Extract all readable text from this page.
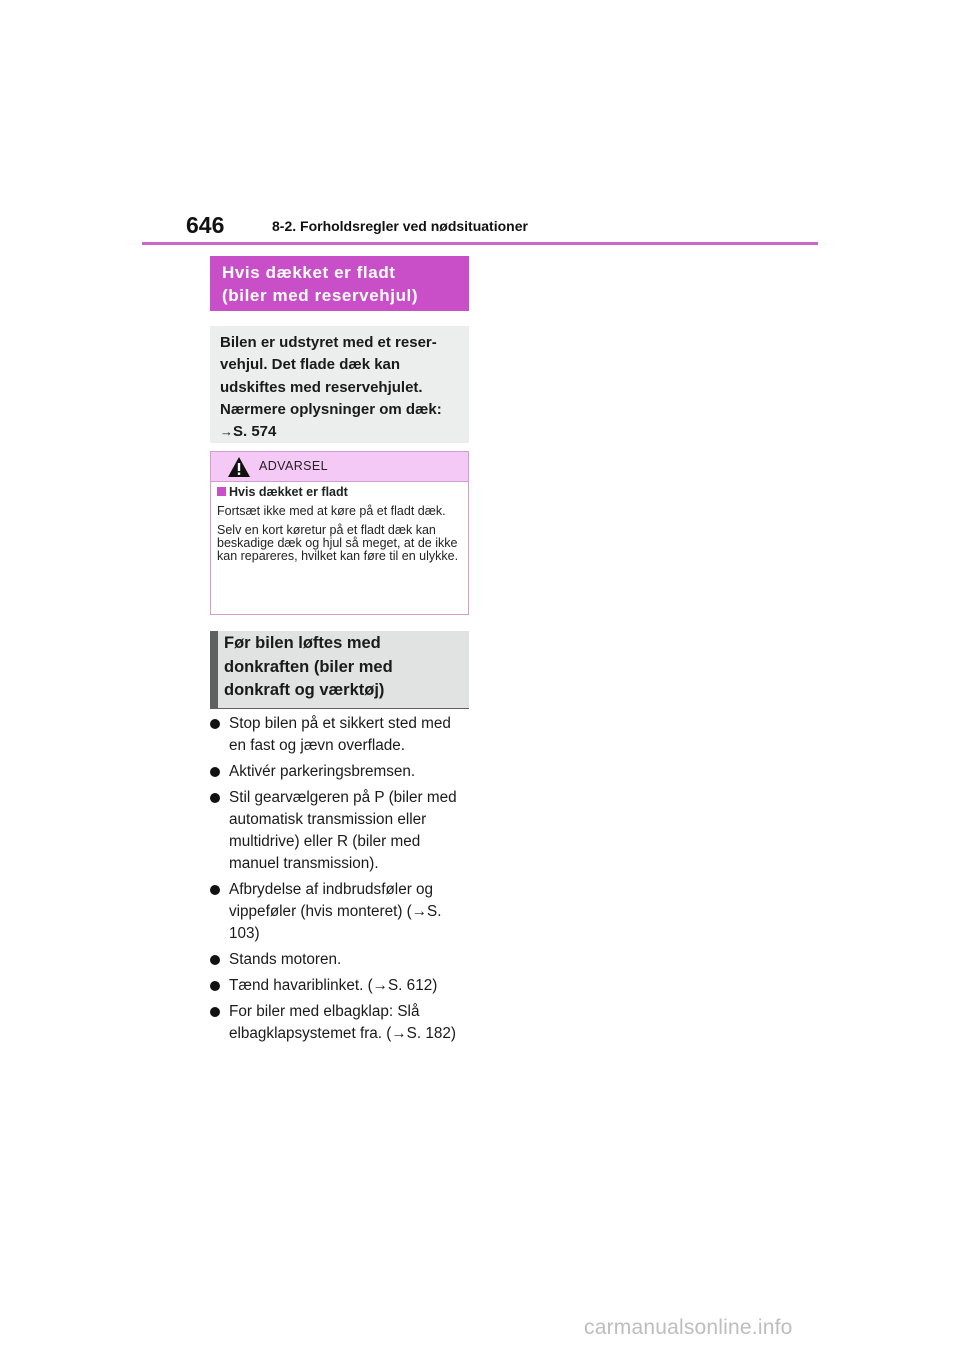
646	8-2. Forholdsregler ved nødsituationer
Hvis dækket er fladt
(biler med reservehjul)

Bilen er udstyret med et reser-

vehjul. Det flade dæk kan

udskiftes med reservehjulet.

Nærmere oplysninger om dæk:

→S. 574

ADVARSEL
Hvis dækket er fladt

Fortsæt ikke med at køre på et fladt dæk.

Selv en kort køretur på et fladt dæk kan beskadige dæk og hjul så meget, at de ikke kan repareres, hvilket kan føre til en ulykke.

Før bilen løftes med
donkraften (biler med
donkraft og værktøj)
Stop bilen på et sikkert sted med en fast og jævn overflade.
Aktivér parkeringsbremsen.
Stil gearvælgeren på P (biler med automatisk transmission eller multidrive) eller R (biler med manuel transmission).
Afbrydelse af indbrudsføler og vippeføler (hvis monteret) (→S. 103)
Stands motoren.
Tænd havariblinket. (→S. 612)
For biler med elbagklap: Slå elbagklapsystemet fra. (→S. 182)
carmanualsonline.info
